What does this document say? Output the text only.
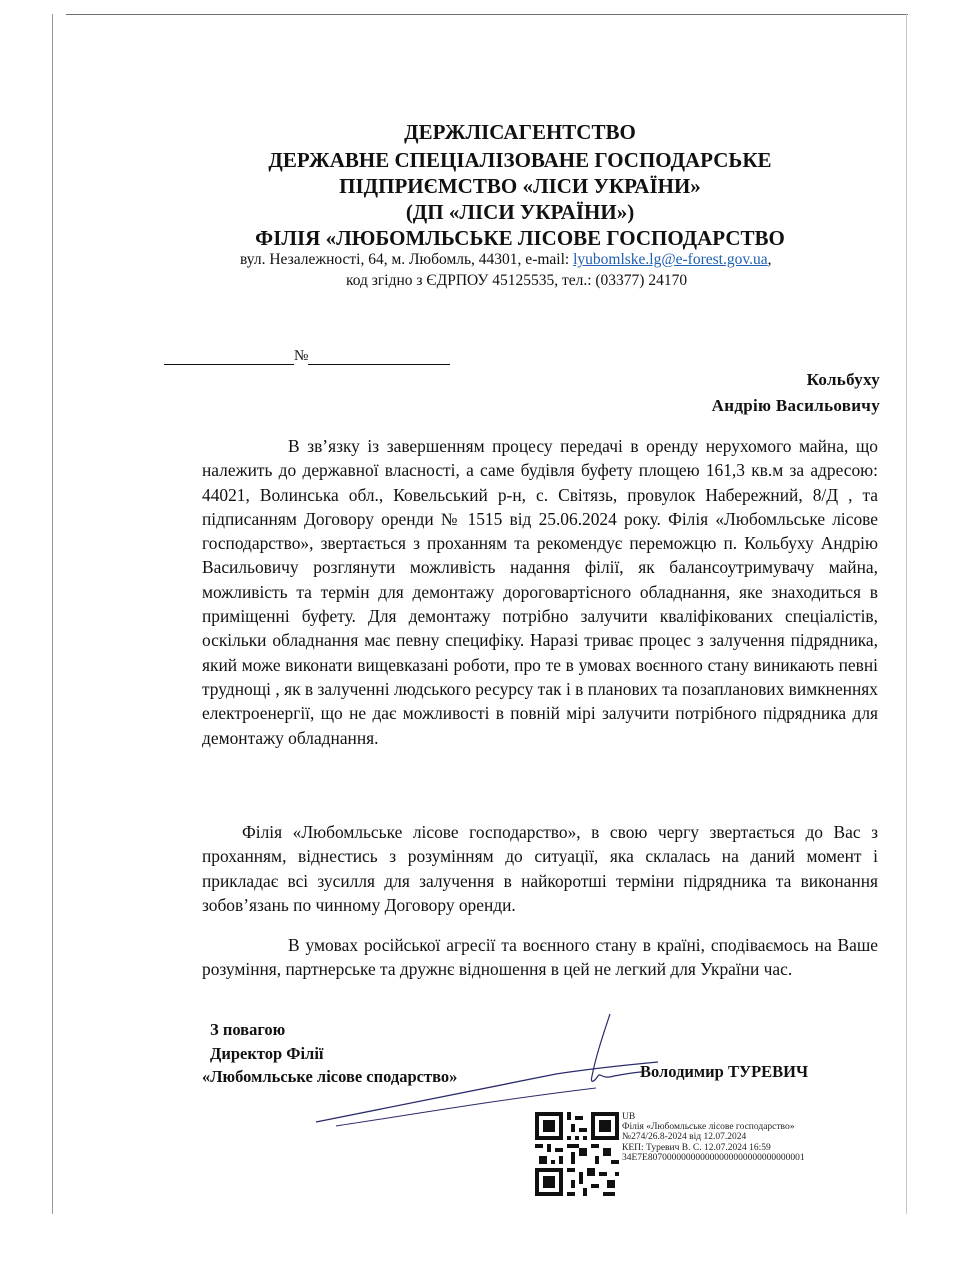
ДЕРЖЛІСАГЕНТСТВО
ДЕРЖАВНЕ СПЕЦІАЛІЗОВАНЕ ГОСПОДАРСЬКЕ
ПІДПРИЄМСТВО «ЛІСИ УКРАЇНИ»
(ДП «ЛІСИ УКРАЇНИ»)
ФІЛІЯ «ЛЮБОМЛЬСЬКЕ ЛІСОВЕ ГОСПОДАРСТВО
вул. Незалежності, 64, м. Любомль, 44301, e-mail: lyubomlske.lg@e-forest.gov.ua,
код згідно з ЄДРПОУ 45125535, тел.: (03377) 24170
№
Кольбуху
Андрію Васильовичу
В зв’язку із завершенням процесу передачі в оренду нерухомого майна, що належить до державної власності, а саме будівля буфету площею 161,3 кв.м за адресою: 44021, Волинська обл., Ковельський р-н, с. Світязь, провулок Набережний, 8/Д , та підписанням Договору оренди № 1515 від 25.06.2024 року. Філія «Любомльське лісове господарство», звертається з проханням та рекомендує переможцю п. Кольбуху Андрію Васильовичу розглянути можливість надання філії, як балансоутримувачу майна, можливість та термін для демонтажу дороговартісного обладнання, яке знаходиться в приміщенні буфету. Для демонтажу потрібно залучити кваліфікованих спеціалістів, оскільки обладнання має певну специфіку. Наразі триває процес з залучення підрядника, який може виконати вищевказані роботи, про те в умовах воєнного стану виникають певні труднощі , як в залученні людського ресурсу так і в планових та позапланових вимкненнях електроенергії, що не дає можливості в повній мірі залучити потрібного підрядника для демонтажу обладнання.
Філія «Любомльське лісове господарство», в свою чергу звертається до Вас з проханням, віднестись з розумінням до ситуації, яка склалась на даний момент і прикладає всі зусилля для залучення в найкоротші терміни підрядника та виконання зобов’язань по чинному Договору оренди.
В умовах російської агресії та воєнного стану в країні, сподіваємось на Ваше розуміння, партнерське та дружнє відношення в цей не легкий для України час.
З повагою
Директор Філії
«Любомльське лісове сподарство»	Володимир ТУРЕВИЧ
UB
Філія «Любомльське лісове господарство»
№274/26.8-2024 від 12.07.2024
КЕП: Туревич В. С. 12.07.2024 16:59
34E7E807000000000000000000000000000001
